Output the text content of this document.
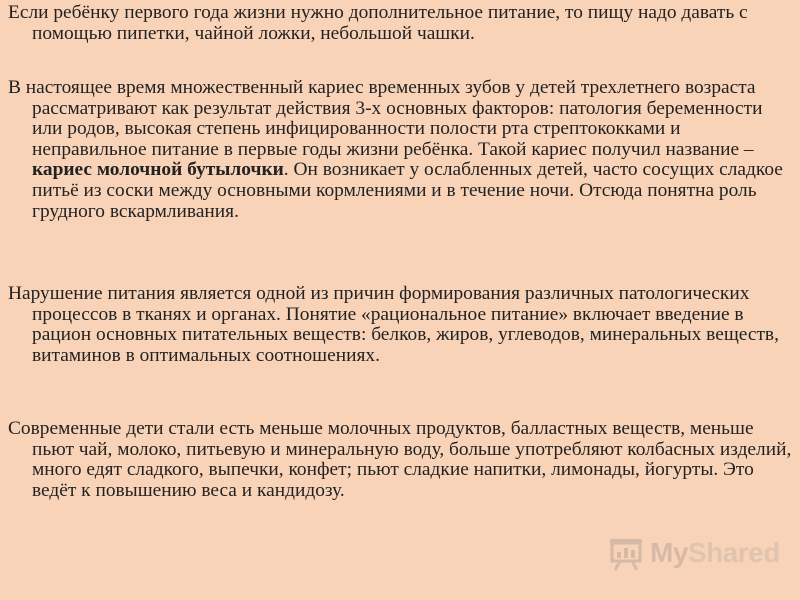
Если ребёнку первого года жизни нужно дополнительное питание, то пищу надо давать с помощью пипетки, чайной ложки, небольшой чашки.

В настоящее время множественный кариес временных зубов у детей трехлетнего возраста рассматривают как результат действия 3-х основных факторов: патология беременности или родов, высокая степень инфицированности полости рта стрептококками и неправильное питание в первые годы жизни ребёнка. Такой кариес получил название – кариес молочной бутылочки. Он возникает у ослабленных детей, часто сосущих сладкое питьё из соски между основными кормлениями и в течение ночи. Отсюда понятна роль грудного вскармливания.

Нарушение питания является одной из причин формирования различных патологических процессов в тканях и органах. Понятие «рациональное питание» включает введение в рацион основных питательных веществ: белков, жиров, углеводов, минеральных веществ, витаминов в оптимальных соотношениях.

Современные дети стали есть меньше молочных продуктов, балластных веществ, меньше пьют чай, молоко, питьевую и минеральную воду, больше употребляют колбасных изделий, много едят сладкого, выпечки, конфет; пьют сладкие напитки, лимонады, йогурты. Это ведёт к повышению веса и кандидозу.

MyShared
